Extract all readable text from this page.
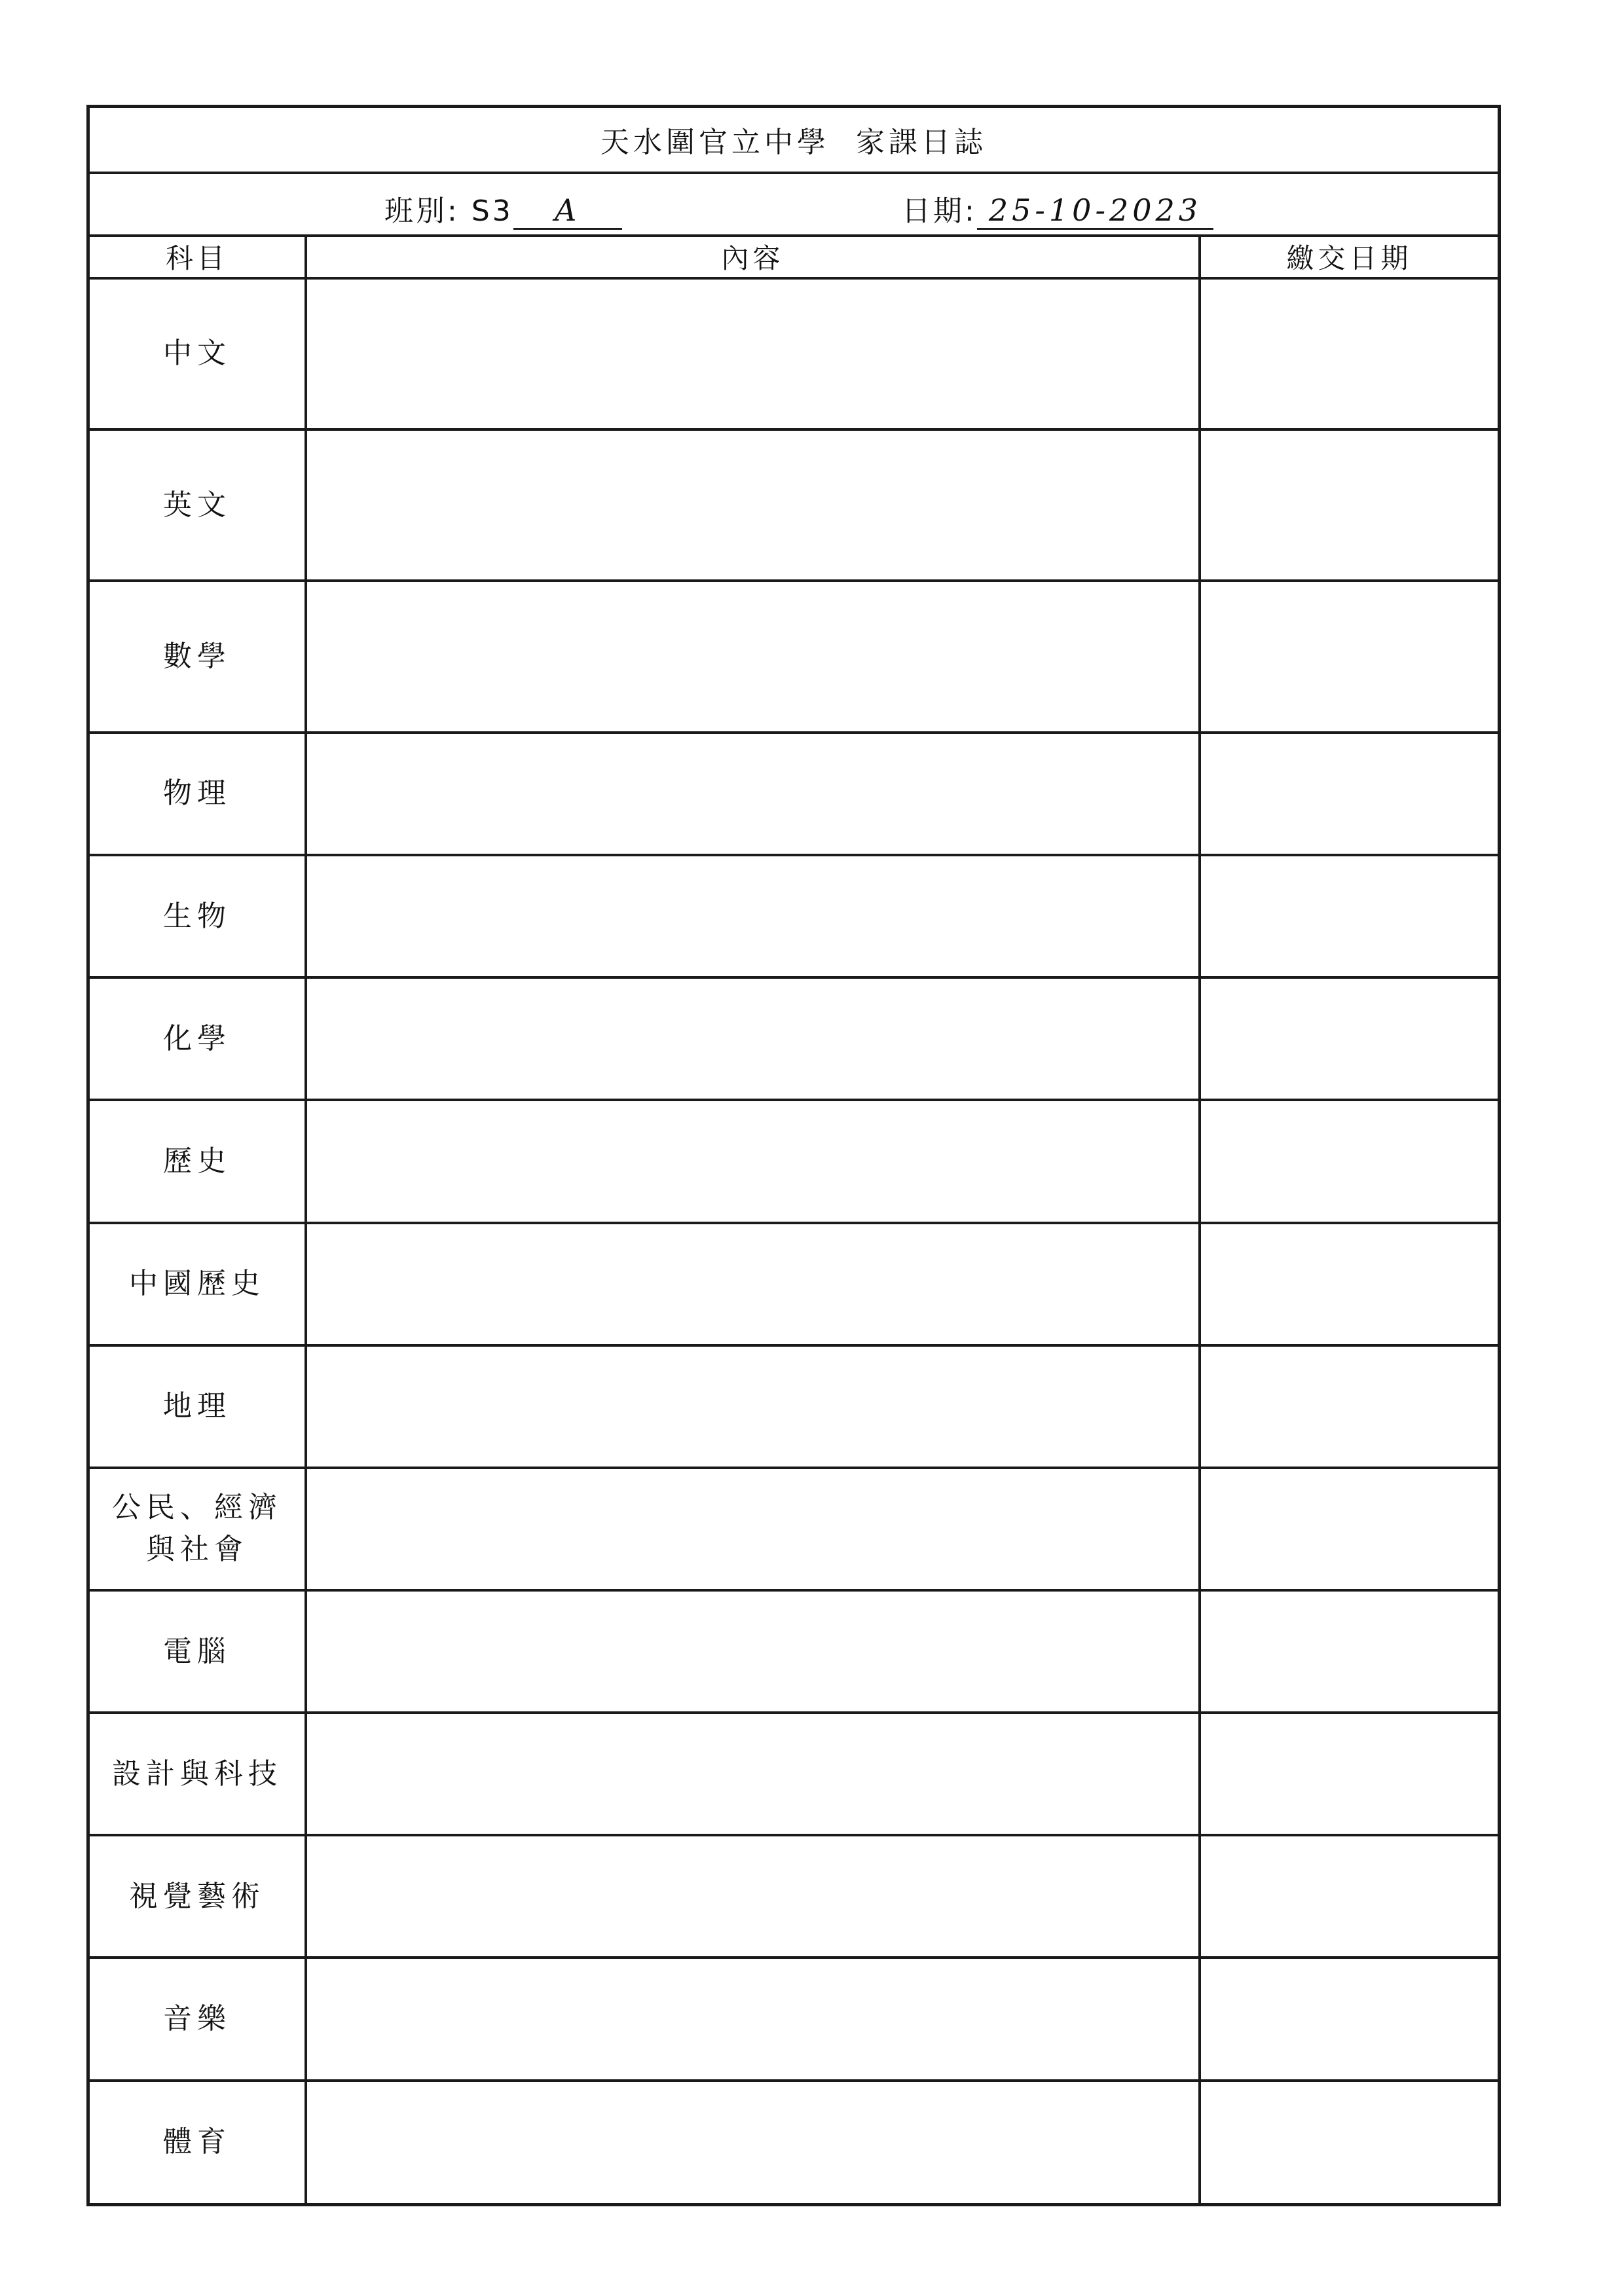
天水圍官立中學 家課日誌		

班別: S3 A 日期: 25-10-2023		

科目	內容	繳交日期
中文		
英文		
數學		
物理		
生物		
化學		
歷史		
中國歷史		
地理		

公民、經濟
與社會		

電腦		
設計與科技		
視覺藝術		
音樂		
體育		
